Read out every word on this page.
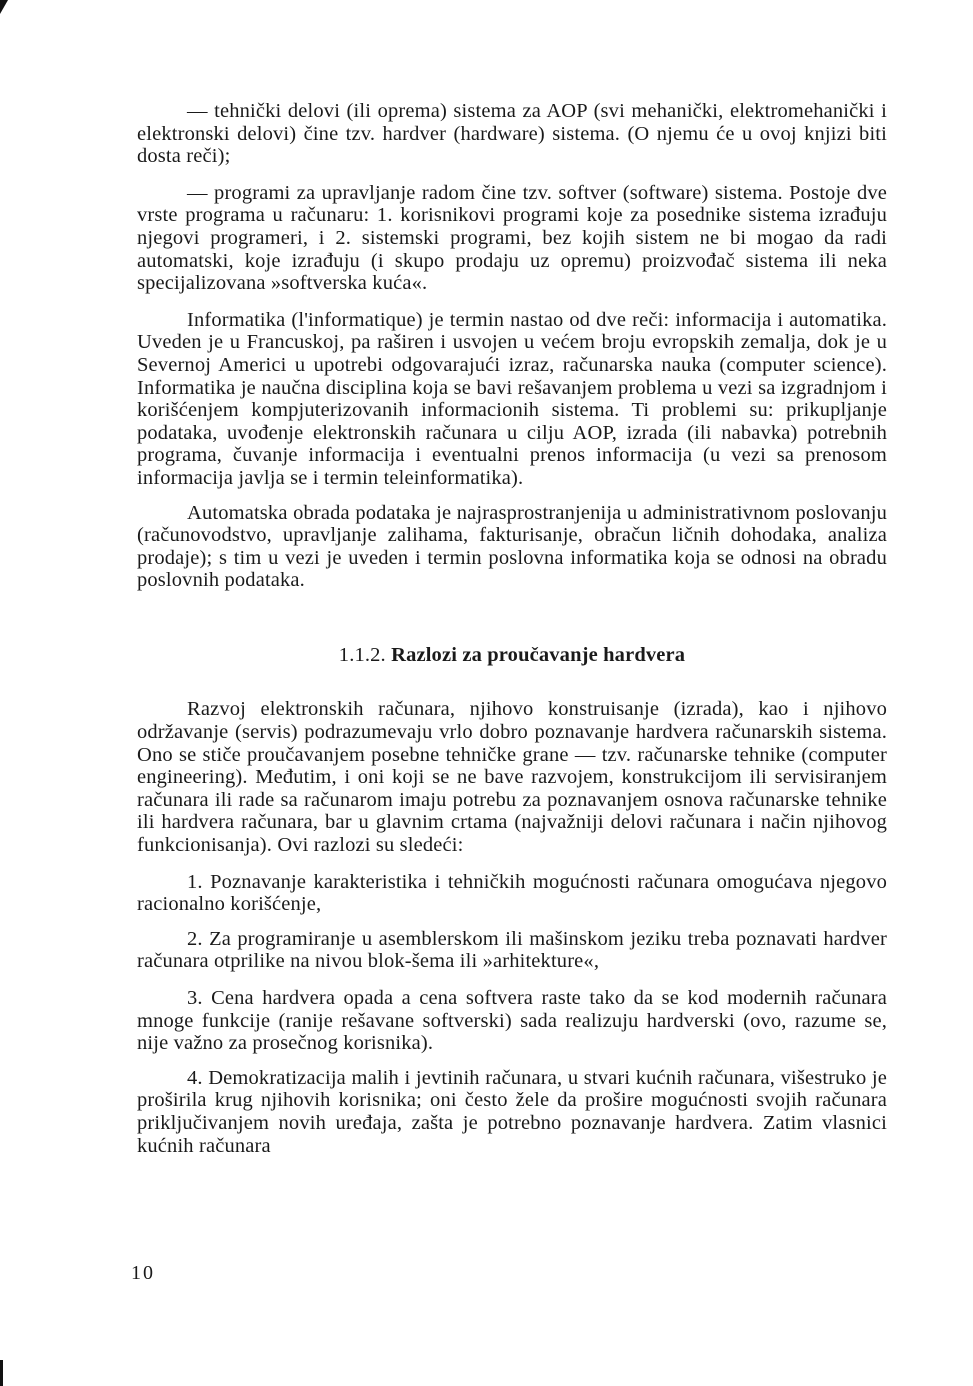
— tehnički delovi (ili oprema) sistema za AOP (svi mehanički, elektromehanički i elektronski delovi) čine tzv. hardver (hardware) sistema. (O njemu će u ovoj knjizi biti dosta reči);

— programi za upravljanje radom čine tzv. softver (software) sistema. Postoje dve vrste programa u računaru: 1. korisnikovi programi koje za posednike sistema izrađuju njegovi programeri, i 2. sistemski programi, bez kojih sistem ne bi mogao da radi automatski, koje izrađuju (i skupo prodaju uz opremu) proizvođač sistema ili neka specijalizovana »softverska kuća«.

Informatika (l'informatique) je termin nastao od dve reči: informacija i automatika. Uveden je u Francuskoj, pa raširen i usvojen u većem broju evropskih zemalja, dok je u Severnoj Americi u upotrebi odgovarajući izraz, računarska nauka (computer science). Informatika je naučna disciplina koja se bavi rešavanjem problema u vezi sa izgradnjom i korišćenjem kompjuterizovanih informacionih sistema. Ti problemi su: prikupljanje podataka, uvođenje elektronskih računara u cilju AOP, izrada (ili nabavka) potrebnih programa, čuvanje informacija i eventualni prenos informacija (u vezi sa prenosom informacija javlja se i termin teleinformatika).

Automatska obrada podataka je najrasprostranjenija u administrativnom poslovanju (računovodstvo, upravljanje zalihama, fakturisanje, obračun ličnih dohodaka, analiza prodaje); s tim u vezi je uveden i termin poslovna informatika koja se odnosi na obradu poslovnih podataka.

1.1.2. Razlozi za proučavanje hardvera

Razvoj elektronskih računara, njihovo konstruisanje (izrada), kao i njihovo održavanje (servis) podrazumevaju vrlo dobro poznavanje hardvera računarskih sistema. Ono se stiče proučavanjem posebne tehničke grane — tzv. računarske tehnike (computer engineering). Međutim, i oni koji se ne bave razvojem, konstrukcijom ili servisiranjem računara ili rade sa računarom imaju potrebu za poznavanjem osnova računarske tehnike ili hardvera računara, bar u glavnim crtama (najvažniji delovi računara i način njihovog funkcionisanja). Ovi razlozi su sledeći:

1. Poznavanje karakteristika i tehničkih mogućnosti računara omogućava njegovo racionalno korišćenje,

2. Za programiranje u asemblerskom ili mašinskom jeziku treba poznavati hardver računara otprilike na nivou blok-šema ili »arhitekture«,

3. Cena hardvera opada a cena softvera raste tako da se kod modernih računara mnoge funkcije (ranije rešavane softverski) sada realizuju hardverski (ovo, razume se, nije važno za prosečnog korisnika).

4. Demokratizacija malih i jevtinih računara, u stvari kućnih računara, višestruko je proširila krug njihovih korisnika; oni često žele da prošire mogućnosti svojih računara priključivanjem novih uređaja, zašta je potrebno poznavanje hardvera. Zatim vlasnici kućnih računara

10
